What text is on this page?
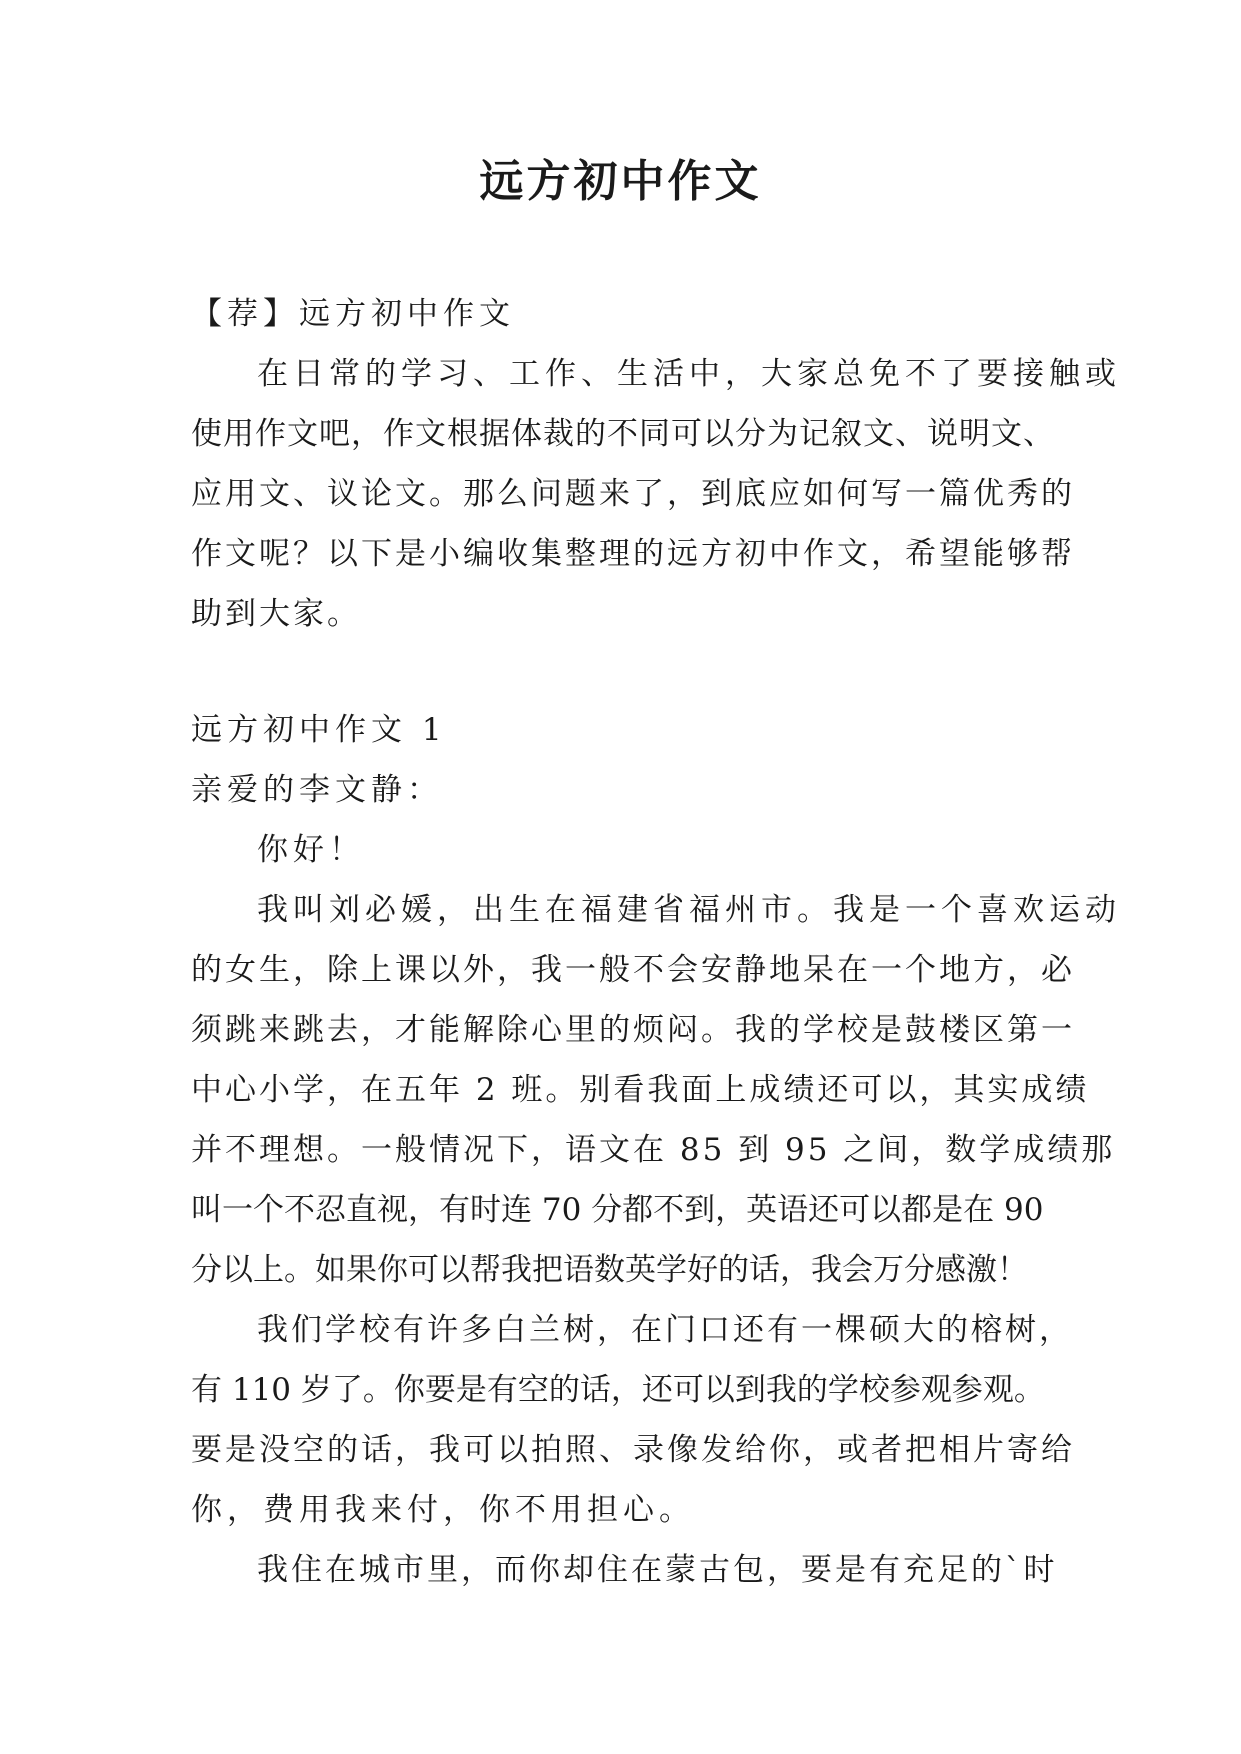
远方初中作文
【荐】远方初中作文
在日常的学习、工作、生活中，大家总免不了要接触或
使用作文吧，作文根据体裁的不同可以分为记叙文、说明文、
应用文、议论文。那么问题来了，到底应如何写一篇优秀的
作文呢？以下是小编收集整理的远方初中作文，希望能够帮
助到大家。
远方初中作文 1
亲爱的李文静：
你好！
我叫刘必媛，出生在福建省福州市。我是一个喜欢运动
的女生，除上课以外，我一般不会安静地呆在一个地方，必
须跳来跳去，才能解除心里的烦闷。我的学校是鼓楼区第一
中心小学，在五年 2 班。别看我面上成绩还可以，其实成绩
并不理想。一般情况下，语文在 85 到 95 之间，数学成绩那
叫一个不忍直视，有时连 70 分都不到，英语还可以都是在 90
分以上。如果你可以帮我把语数英学好的话，我会万分感激！
我们学校有许多白兰树，在门口还有一棵硕大的榕树，
有 110 岁了。你要是有空的话，还可以到我的学校参观参观。
要是没空的话，我可以拍照、录像发给你，或者把相片寄给
你，费用我来付，你不用担心。
我住在城市里，而你却住在蒙古包，要是有充足的`时
